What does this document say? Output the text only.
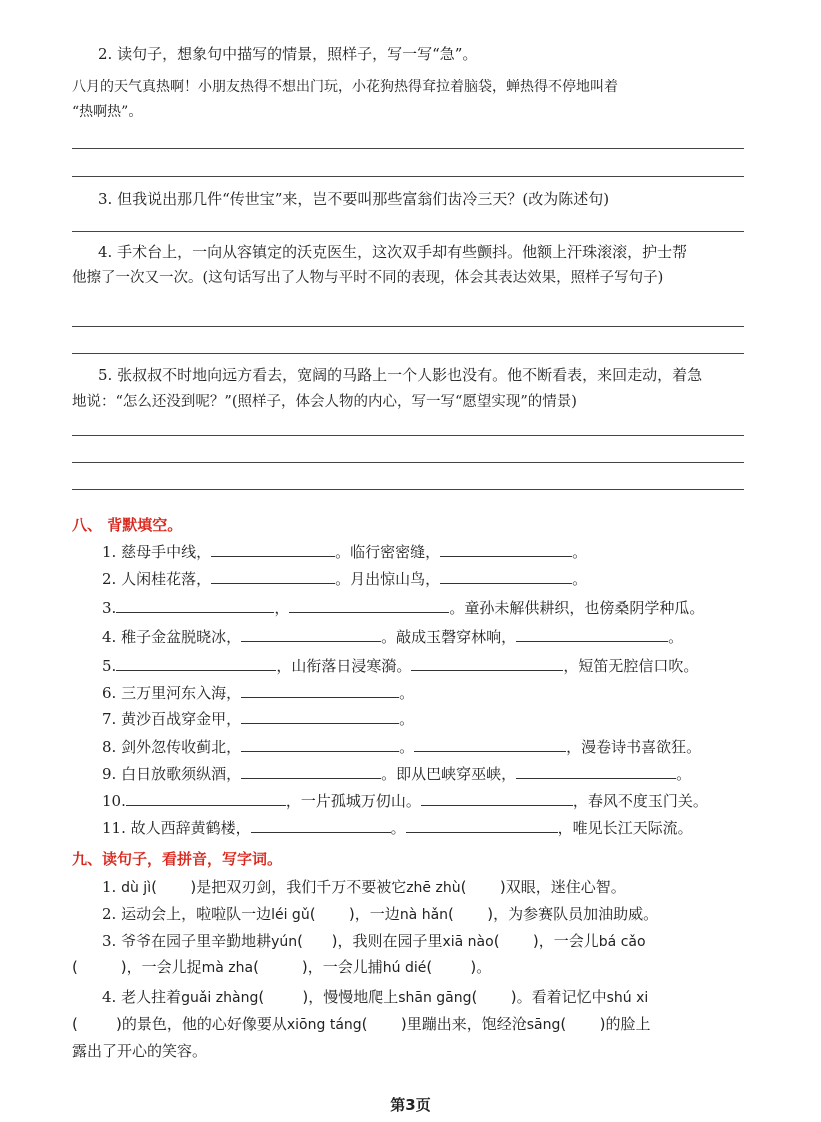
2. 读句子，想象句中描写的情景，照样子，写一写“急”。
八月的天气真热啊！小朋友热得不想出门玩，小花狗热得耷拉着脑袋，蝉热得不停地叫着
“热啊热”。
3. 但我说出那几件“传世宝”来，岂不要叫那些富翁们齿冷三天？(改为陈述句)
4. 手术台上，一向从容镇定的沃克医生，这次双手却有些颤抖。他额上汗珠滚滚，护士帮
他擦了一次又一次。(这句话写出了人物与平时不同的表现，体会其表达效果，照样子写句子)
5. 张叔叔不时地向远方看去，宽阔的马路上一个人影也没有。他不断看表，来回走动，着急
地说：“怎么还没到呢？”(照样子，体会人物的内心，写一写“愿望实现”的情景)
八、 背默填空。
1. 慈母手中线，	。临行密密缝，	。
2. 人闲桂花落，	。月出惊山鸟，	。
3.	，	。童孙未解供耕织，也傍桑阴学种瓜。
4. 稚子金盆脱晓冰，	。敲成玉磬穿林响，	。
5.	，山衔落日浸寒漪。	，短笛无腔信口吹。
6. 三万里河东入海，	。
7. 黄沙百战穿金甲，	。
8. 剑外忽传收蓟北，	。	，漫卷诗书喜欲狂。
9. 白日放歌须纵酒，	。即从巴峡穿巫峡，	。
10.	，一片孤城万仞山。	，春风不度玉门关。
11. 故人西辞黄鹤楼，	。	，唯见长江天际流。
九、读句子，看拼音，写字词。
1. dù jì(       )是把双刃剑，我们千万不要被它zhē zhù(       )双眼，迷住心智。
2. 运动会上，啦啦队一边léi gǔ(       )，一边nà hǎn(       )，为参赛队员加油助威。
3. 爷爷在园子里辛勤地耕yún(      )，我则在园子里xiā nào(       )，一会儿bá cǎo
(         )，一会儿捉mà zha(         )，一会儿捕hú dié(        )。
4. 老人拄着guǎi zhàng(        )，慢慢地爬上shān gāng(       )。看着记忆中shú xi
(        )的景色，他的心好像要从xiōng táng(       )里蹦出来，饱经沧sāng(       )的脸上
露出了开心的笑容。
第3页
